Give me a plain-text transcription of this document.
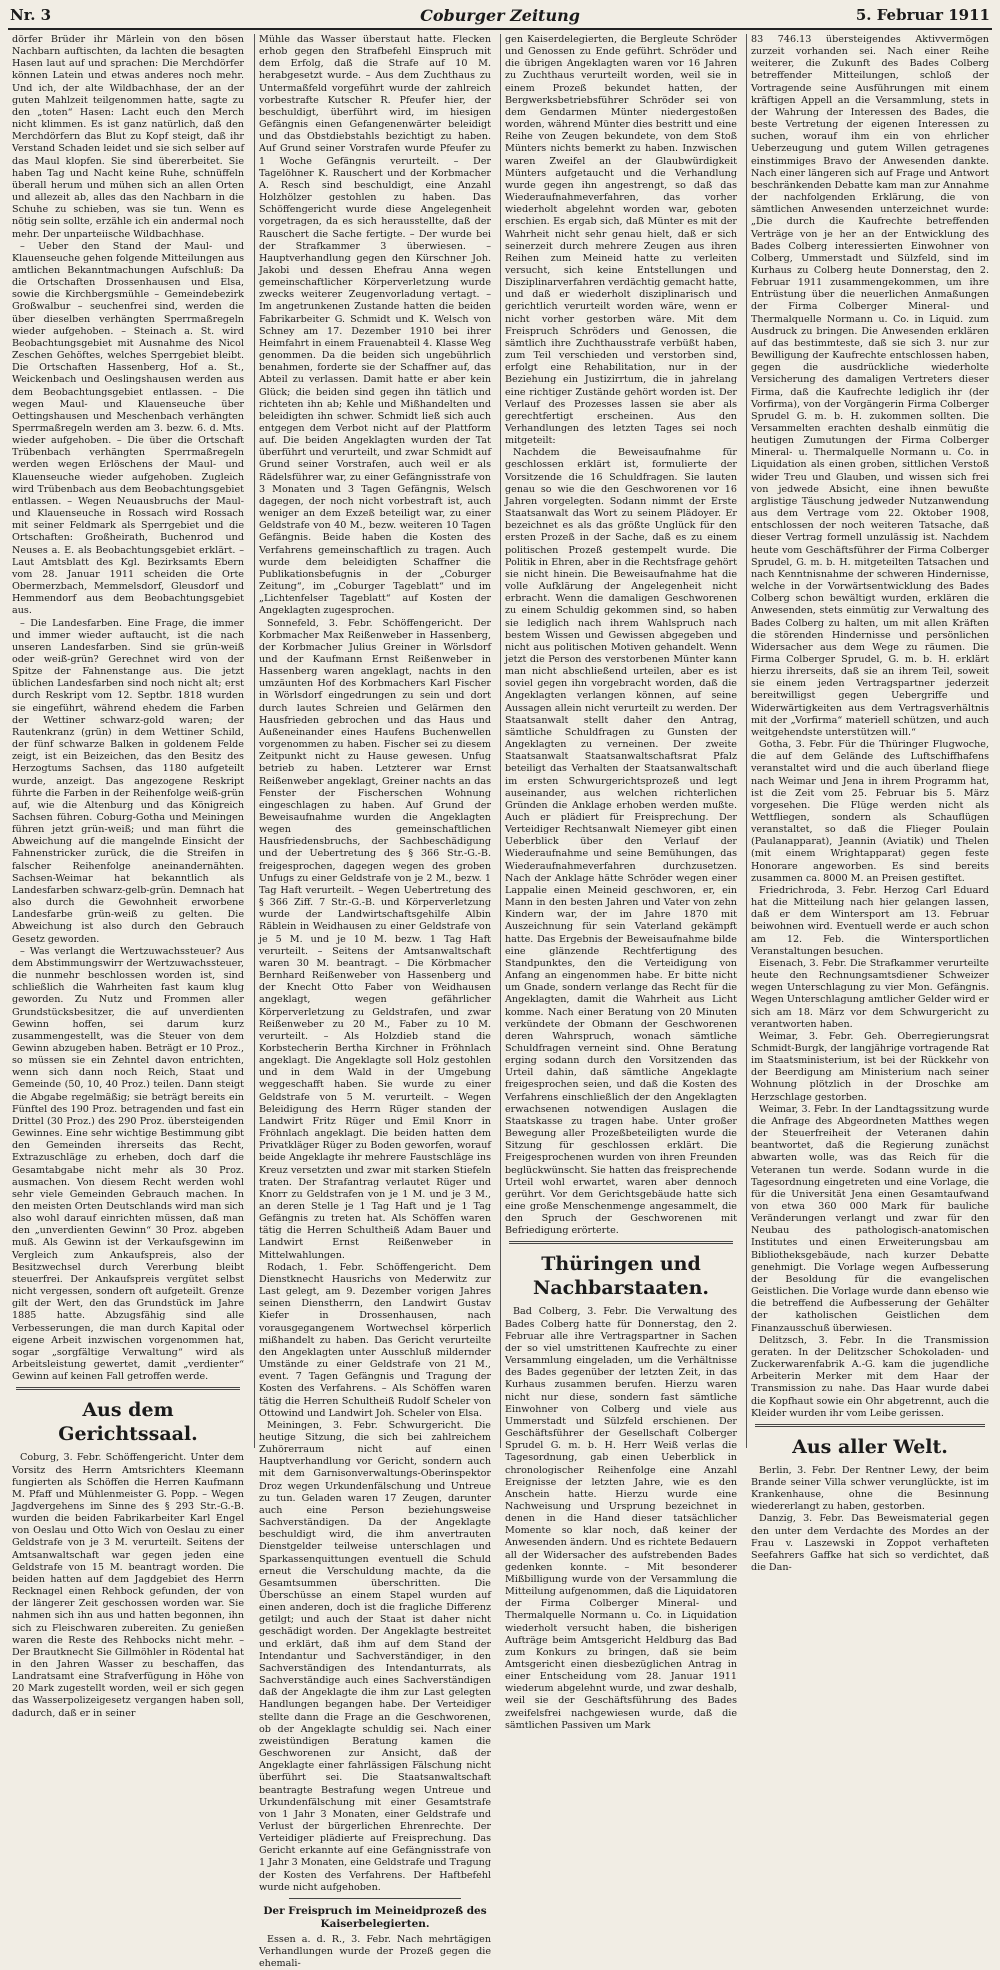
Nr. 3	Coburger Zeitung	5. Februar 1911

dörfer Brüder ihr Märlein von den bösen Nachbarn auftischten, da lachten die besagten Hasen laut auf und sprachen: Die Merchdörfer können Latein und etwas anderes noch mehr. Und ich, der alte Wildbachhase, der an der guten Mahlzeit teilgenommen hatte, sagte zu den „toten“ Hasen: Lacht euch den Merch nicht klimmen. Es ist ganz natürlich, daß den Merchdörfern das Blut zu Kopf steigt, daß ihr Verstand Schaden leidet und sie sich selber auf das Maul klopfen. Sie sind übererbeitet. Sie haben Tag und Nacht keine Ruhe, schnüffeln überall herum und mühen sich an allen Orten und allezeit ab, alles das den Nachbarn in die Schuhe zu schieben, was sie tun. Wenn es nötig sein sollte, erzähle ich ein andermal noch mehr. Der unparteiische Wildbachhase.

– Ueber den Stand der Maul- und Klauenseuche gehen folgende Mitteilungen aus amtlichen Bekanntmachungen Aufschluß: Da die Ortschaften Drossenhausen und Elsa, sowie die Kirchbergsmühle – Gemeindebezirk Großwalbur – seuchenfrei sind, werden die über dieselben verhängten Sperrmaßregeln wieder aufgehoben. – Steinach a. St. wird Beobachtungsgebiet mit Ausnahme des Nicol Zeschen Gehöftes, welches Sperrgebiet bleibt. Die Ortschaften Hassenberg, Hof a. St., Weickenbach und Oeslingshausen werden aus dem Beobachtungsgebiet entlassen. – Die wegen Maul- und Klauenseuche über Oettingshausen und Meschenbach verhängten Sperrmaßregeln werden am 3. bezw. 6. d. Mts. wieder aufgehoben. – Die über die Ortschaft Trübenbach verhängten Sperrmaßregeln werden wegen Erlöschens der Maul- und Klauenseuche wieder aufgehoben. Zugleich wird Trübenbach aus dem Beobachtungsgebiet entlassen. – Wegen Neuausbruchs der Maul- und Klauenseuche in Rossach wird Rossach mit seiner Feldmark als Sperrgebiet und die Ortschaften: Großheirath, Buchenrod und Neuses a. E. als Beobachtungsgebiet erklärt. – Laut Amtsblatt des Kgl. Bezirksamts Ebern vom 28. Januar 1911 scheiden die Orte Obermerzbach, Memmelsdorf, Gleusdorf und Hemmendorf aus dem Beobachtungsgebiet aus.

– Die Landesfarben. Eine Frage, die immer und immer wieder auftaucht, ist die nach unseren Landesfarben. Sind sie grün-weiß oder weiß-grün? Gerechnet wird von der Spitze der Fahnenstange aus. Die jetzt üblichen Landesfarben sind noch nicht alt; erst durch Reskript vom 12. Septbr. 1818 wurden sie eingeführt, während ehedem die Farben der Wettiner schwarz-gold waren; der Rautenkranz (grün) in dem Wettiner Schild, der fünf schwarze Balken in goldenem Felde zeigt, ist ein Beizeichen, das den Besitz des Herzogtums Sachsen, das 1180 aufgeteilt wurde, anzeigt. Das angezogene Reskript führte die Farben in der Reihenfolge weiß-grün auf, wie die Altenburg und das Königreich Sachsen führen. Coburg-Gotha und Meiningen führen jetzt grün-weiß; und man führt die Abweichung auf die mangelnde Einsicht der Fahnenstricker zurück, die die Streifen in falscher Reihenfolge aneinandernähten. Sachsen-Weimar hat bekanntlich als Landesfarben schwarz-gelb-grün. Demnach hat also durch die Gewohnheit erworbene Landesfarbe grün-weiß zu gelten. Die Abweichung ist also durch den Gebrauch Gesetz geworden.

– Was verlangt die Wertzuwachssteuer? Aus dem Abstimmungswirr der Wertzuwachssteuer, die nunmehr beschlossen worden ist, sind schließlich die Wahrheiten fast kaum klug geworden. Zu Nutz und Frommen aller Grundstücksbesitzer, die auf unverdienten Gewinn hoffen, sei darum kurz zusammengestellt, was die Steuer von dem Gewinn abzugeben haben. Beträgt er 10 Proz., so müssen sie ein Zehntel davon entrichten, wenn sich dann noch Reich, Staat und Gemeinde (50, 10, 40 Proz.) teilen. Dann steigt die Abgabe regelmäßig; sie beträgt bereits ein Fünftel des 190 Proz. betragenden und fast ein Drittel (30 Proz.) des 290 Proz. übersteigenden Gewinnes. Eine sehr wichtige Bestimmung gibt den Gemeinden ihrerseits das Recht, Extrazuschläge zu erheben, doch darf die Gesamtabgabe nicht mehr als 30 Proz. ausmachen. Von diesem Recht werden wohl sehr viele Gemeinden Gebrauch machen. In den meisten Orten Deutschlands wird man sich also wohl darauf einrichten müssen, daß man den „unverdienten Gewinn“ 30 Proz. abgeben muß. Als Gewinn ist der Verkaufsgewinn im Vergleich zum Ankaufspreis, also der Besitzwechsel durch Vererbung bleibt steuerfrei. Der Ankaufspreis vergütet selbst nicht vergessen, sondern oft aufgeteilt. Grenze gilt der Wert, den das Grundstück im Jahre 1885 hatte. Abzugsfähig sind alle Verbesserungen, die man durch Kapital oder eigene Arbeit inzwischen vorgenommen hat, sogar „sorgfältige Verwaltung“ wird als Arbeitsleistung gewertet, damit „verdienter“ Gewinn auf keinen Fall getroffen werde.

Aus dem Gerichtssaal.

Coburg, 3. Febr. Schöffengericht. Unter dem Vorsitz des Herrn Amtsrichters Kleemann fungierten als Schöffen die Herren Kaufmann M. Pfaff und Mühlenmeister G. Popp. – Wegen Jagdvergehens im Sinne des § 293 Str.-G.-B. wurden die beiden Fabrikarbeiter Karl Engel von Oeslau und Otto Wich von Oeslau zu einer Geldstrafe von je 3 M. verurteilt. Seitens der Amtsanwaltschaft war gegen jeden eine Geldstrafe von 15 M. beantragt worden. Die beiden hatten auf dem Jagdgebiet des Herrn Recknagel einen Rehbock gefunden, der von der längerer Zeit geschossen worden war. Sie nahmen sich ihn aus und hatten begonnen, ihn sich zu Fleischwaren zubereiten. Zu genießen waren die Reste des Rehbocks nicht mehr. – Der Brautknecht Sie Gillmöhler in Rödental hat in den Jahren Wasser zu beschaffen, das Landratsamt eine Strafverfügung in Höhe von 20 Mark zugestellt worden, weil er sich gegen das Wasserpolizeigesetz vergangen haben soll, dadurch, daß er in seiner

Mühle das Wasser überstaut hatte. Flecken erhob gegen den Strafbefehl Einspruch mit dem Erfolg, daß die Strafe auf 10 M. herabgesetzt wurde. – Aus dem Zuchthaus zu Untermaßfeld vorgeführt wurde der zahlreich vorbestrafte Kutscher R. Pfeufer hier, der beschuldigt, überführt wird, im hiesigen Gefängnis einen Gefangenenwärter beleidigt und das Obstdiebstahls bezichtigt zu haben. Auf Grund seiner Vorstrafen wurde Pfeufer zu 1 Woche Gefängnis verurteilt. – Der Tagelöhner K. Rauschert und der Korbmacher A. Resch sind beschuldigt, eine Anzahl Holzhölzer gestohlen zu haben. Das Schöffengericht wurde diese Angelegenheit vorgetragen, da es sich herausstellte, daß der Rauschert die Sache fertigte. – Der wurde bei der Strafkammer 3 überwiesen. – Hauptverhandlung gegen den Kürschner Joh. Jakobi und dessen Ehefrau Anna wegen gemeinschaftlicher Körperverletzung wurde zwecks weiterer Zeugenvorladung vertagt. – Im angetrunkenen Zustande hatten die beiden Fabrikarbeiter G. Schmidt und K. Welsch von Schney am 17. Dezember 1910 bei ihrer Heimfahrt in einem Frauenabteil 4. Klasse Weg genommen. Da die beiden sich ungebührlich benahmen, forderte sie der Schaffner auf, das Abteil zu verlassen. Damit hatte er aber kein Glück; die beiden sind gegen ihn tätlich und richteten ihn ab; Kehle und Mißhandelten und beleidigten ihn schwer. Schmidt ließ sich auch entgegen dem Verbot nicht auf der Plattform auf. Die beiden Angeklagten wurden der Tat überführt und verurteilt, und zwar Schmidt auf Grund seiner Vorstrafen, auch weil er als Rädelsführer war, zu einer Gefängnisstrafe von 3 Monaten und 3 Tagen Gefängnis, Welsch dagegen, der noch nicht vorbestraft ist, auch weniger an dem Exzeß beteiligt war, zu einer Geldstrafe von 40 M., bezw. weiteren 10 Tagen Gefängnis. Beide haben die Kosten des Verfahrens gemeinschaftlich zu tragen. Auch wurde dem beleidigten Schaffner die Publikationsbefugnis in der „Coburger Zeitung“, im „Coburger Tageblatt“ und im „Lichtenfelser Tageblatt“ auf Kosten der Angeklagten zugesprochen.

Sonnefeld, 3. Febr. Schöffengericht. Der Korbmacher Max Reißenweber in Hassenberg, der Korbmacher Julius Greiner in Wörlsdorf und der Kaufmann Ernst Reißenweber in Hassenberg waren angeklagt, nachts in den umzäunten Hof des Korbmachers Karl Fischer in Wörlsdorf eingedrungen zu sein und dort durch lautes Schreien und Gelärmen den Hausfrieden gebrochen und das Haus und Außeneinander eines Haufens Buchenwellen vorgenommen zu haben. Fischer sei zu diesem Zeitpunkt nicht zu Hause gewesen. Unfug betrieb zu haben. Letzterer war Ernst Reißenweber angeklagt, Greiner nachts an das Fenster der Fischerschen Wohnung eingeschlagen zu haben. Auf Grund der Beweisaufnahme wurden die Angeklagten wegen des gemeinschaftlichen Hausfriedensbruchs, der Sachbeschädigung und der Uebertretung des § 366 Str.-G.-B. freigesprochen, dagegen wegen des groben Unfugs zu einer Geldstrafe von je 2 M., bezw. 1 Tag Haft verurteilt. – Wegen Uebertretung des § 366 Ziff. 7 Str.-G.-B. und Körperverletzung wurde der Landwirtschaftsgehilfe Albin Räblein in Weidhausen zu einer Geldstrafe von je 5 M. und je 10 M. bezw. 1 Tag Haft verurteilt. – Seitens der Amtsanwaltschaft waren 30 M. beantragt. – Die Körbmacher Bernhard Reißenweber von Hassenberg und der Knecht Otto Faber von Weidhausen angeklagt, wegen gefährlicher Körperverletzung zu Geldstrafen, und zwar Reißenweber zu 20 M., Faber zu 10 M. verurteilt. – Als Holzdieb stand die Korbstecherin Bertha Kirchner in Fröhnlach angeklagt. Die Angeklagte soll Holz gestohlen und in dem Wald in der Umgebung weggeschafft haben. Sie wurde zu einer Geldstrafe von 5 M. verurteilt. – Wegen Beleidigung des Herrn Rüger standen der Landwirt Fritz Rüger und Emil Knorr in Fröhnlach angeklagt. Die beiden hatten dem Privatkläger Rüger zu Boden geworfen, worauf beide Angeklagte ihr mehrere Faustschläge ins Kreuz versetzten und zwar mit starken Stiefeln traten. Der Strafantrag verlautet Rüger und Knorr zu Geldstrafen von je 1 M. und je 3 M., an deren Stelle je 1 Tag Haft und je 1 Tag Gefängnis zu treten hat. Als Schöffen waren tätig die Herren Schultheiß Adam Bauer und Landwirt Ernst Reißenweber in Mittelwahlungen.

Rodach, 1. Febr. Schöffengericht. Dem Dienstknecht Hausrichs von Mederwitz zur Last gelegt, am 9. Dezember vorigen Jahres seinen Dienstherrn, den Landwirt Gustav Kiefer in Drossenhausen, nach vorausgegangenem Wortwechsel körperlich mißhandelt zu haben. Das Gericht verurteilte den Angeklagten unter Ausschluß mildernder Umstände zu einer Geldstrafe von 21 M., event. 7 Tagen Gefängnis und Tragung der Kosten des Verfahrens. – Als Schöffen waren tätig die Herren Schultheiß Rudolf Scheler von Ottowind und Landwirt Joh. Scheler von Elsa.

Meiningen, 3. Febr. Schwurgericht. Die heutige Sitzung, die sich bei zahlreichem Zuhörerraum nicht auf einen Hauptverhandlung vor Gericht, sondern auch mit dem Garnisonverwaltungs-Oberinspektor Droz wegen Urkundenfälschung und Untreue zu tun. Geladen waren 17 Zeugen, darunter auch eine Person beziehungsweise Sachverständigen. Da der Angeklagte beschuldigt wird, die ihm anvertrauten Dienstgelder teilweise unterschlagen und Sparkassenquittungen eventuell die Schuld erneut die Verschuldung machte, da die Gesamtsummen überschritten. Die Überschüsse an einem Stapel wurden auf einen anderen, doch ist die fragliche Differenz getilgt; und auch der Staat ist daher nicht geschädigt worden. Der Angeklagte bestreitet und erklärt, daß ihm auf dem Stand der Intendantur und Sachverständiger, in den Sachverständigen des Intendanturrats, als Sachverständige auch eines Sachverständigen daß der Angeklagte die ihm zur Last gelegten Handlungen begangen habe. Der Verteidiger stellte dann die Frage an die Geschworenen, ob der Angeklagte schuldig sei. Nach einer zweistündigen Beratung kamen die Geschworenen zur Ansicht, daß der Angeklagte einer fahrlässigen Fälschung nicht überführt sei. Die Staatsanwaltschaft beantragte Bestrafung wegen Untreue und Urkundenfälschung mit einer Gesamtstrafe von 1 Jahr 3 Monaten, einer Geldstrafe und Verlust der bürgerlichen Ehrenrechte. Der Verteidiger plädierte auf Freisprechung. Das Gericht erkannte auf eine Gefängnisstrafe von 1 Jahr 3 Monaten, eine Geldstrafe und Tragung der Kosten des Verfahrens. Der Haftbefehl wurde nicht aufgehoben.

Der Freispruch im Meineidprozeß des Kaiserbelegierten.

Essen a. d. R., 3. Febr. Nach mehrtägigen Verhandlungen wurde der Prozeß gegen die ehemali-

gen Kaiserdelegierten, die Bergleute Schröder und Genossen zu Ende geführt. Schröder und die übrigen Angeklagten waren vor 16 Jahren zu Zuchthaus verurteilt worden, weil sie in einem Prozeß bekundet hatten, der Bergwerksbetriebsführer Schröder sei von dem Gendarmen Münter niedergestoßen worden, während Münter dies bestritt und eine Reihe von Zeugen bekundete, von dem Stoß Münters nichts bemerkt zu haben. Inzwischen waren Zweifel an der Glaubwürdigkeit Münters aufgetaucht und die Verhandlung wurde gegen ihn angestrengt, so daß das Wiederaufnahmeverfahren, das vorher wiederholt abgelehnt worden war, geboten erschien. Es ergab sich, daß Münter es mit der Wahrheit nicht sehr genau hielt, daß er sich seinerzeit durch mehrere Zeugen aus ihren Reihen zum Meineid hatte zu verleiten versucht, sich keine Entstellungen und Disziplinarverfahren verdächtig gemacht hatte, und daß er wiederholt disziplinarisch und gerichtlich verurteilt worden wäre, wenn er nicht vorher gestorben wäre. Mit dem Freispruch Schröders und Genossen, die sämtlich ihre Zuchthausstrafe verbüßt haben, zum Teil verschieden und verstorben sind, erfolgt eine Rehabilitation, nur in der Beziehung ein Justizirrtum, die in jahrelang eine richtiger Zustände gehört worden ist. Der Verlauf des Prozesses lassen sie aber als gerechtfertigt erscheinen. Aus den Verhandlungen des letzten Tages sei noch mitgeteilt:

Nachdem die Beweisaufnahme für geschlossen erklärt ist, formulierte der Vorsitzende die 16 Schuldfragen. Sie lauten genau so wie die den Geschworenen vor 16 Jahren vorgelegten. Sodann nimmt der Erste Staatsanwalt das Wort zu seinem Plädoyer. Er bezeichnet es als das größte Unglück für den ersten Prozeß in der Sache, daß es zu einem politischen Prozeß gestempelt wurde. Die Politik in Ehren, aber in die Rechtsfrage gehört sie nicht hinein. Die Beweisaufnahme hat die volle Aufklärung der Angelegenheit nicht erbracht. Wenn die damaligen Geschworenen zu einem Schuldig gekommen sind, so haben sie lediglich nach ihrem Wahlspruch nach bestem Wissen und Gewissen abgegeben und nicht aus politischen Motiven gehandelt. Wenn jetzt die Person des verstorbenen Münter kann man nicht abschließend urteilen, aber es ist soviel gegen ihn vorgebracht worden, daß die Angeklagten verlangen können, auf seine Aussagen allein nicht verurteilt zu werden. Der Staatsanwalt stellt daher den Antrag, sämtliche Schuldfragen zu Gunsten der Angeklagten zu verneinen. Der zweite Staatsanwalt Staatsanwaltschaftsrat Pfalz beteiligt das Verhalten der Staatsanwaltschaft im ersten Schwurgerichtsprozeß und legt auseinander, aus welchen richterlichen Gründen die Anklage erhoben werden mußte. Auch er plädiert für Freisprechung. Der Verteidiger Rechtsanwalt Niemeyer gibt einen Ueberblick über den Verlauf der Wiederaufnahme und seine Bemühungen, das Wiederaufnahmeverfahren durchzusetzen. Nach der Anklage hätte Schröder wegen einer Lappalie einen Meineid geschworen, er, ein Mann in den besten Jahren und Vater von zehn Kindern war, der im Jahre 1870 mit Auszeichnung für sein Vaterland gekämpft hatte. Das Ergebnis der Beweisaufnahme bilde eine glänzende Rechtfertigung des Standpunktes, den die Verteidigung von Anfang an eingenommen habe. Er bitte nicht um Gnade, sondern verlange das Recht für die Angeklagten, damit die Wahrheit aus Licht komme. Nach einer Beratung von 20 Minuten verkündete der Obmann der Geschworenen deren Wahrspruch, wonach sämtliche Schuldfragen verneint sind. Ohne Beratung erging sodann durch den Vorsitzenden das Urteil dahin, daß sämtliche Angeklagte freigesprochen seien, und daß die Kosten des Verfahrens einschließlich der den Angeklagten erwachsenen notwendigen Auslagen die Staatskasse zu tragen habe. Unter großer Bewegung aller Prozeßbeteiligten wurde die Sitzung für geschlossen erklärt. Die Freigesprochenen wurden von ihren Freunden beglückwünscht. Sie hatten das freisprechende Urteil wohl erwartet, waren aber dennoch gerührt. Vor dem Gerichtsgebäude hatte sich eine große Menschenmenge angesammelt, die den Spruch der Geschworenen mit Befriedigung erörterte.

Thüringen und Nachbarstaaten.

Bad Colberg, 3. Febr. Die Verwaltung des Bades Colberg hatte für Donnerstag, den 2. Februar alle ihre Vertragspartner in Sachen der so viel umstrittenen Kaufrechte zu einer Versammlung eingeladen, um die Verhältnisse des Bades gegenüber der letzten Zeit, in das Kurhaus zusammen berufen. Hierzu waren nicht nur diese, sondern fast sämtliche Einwohner von Colberg und viele aus Ummerstadt und Sülzfeld erschienen. Der Geschäftsführer der Gesellschaft Colberger Sprudel G. m. b. H. Herr Weiß verlas die Tagesordnung, gab einen Ueberblick in chronologischer Reihenfolge eine Anzahl Ereignisse der letzten Jahre, wie es den Anschein hatte. Hierzu wurde eine Nachweisung und Ursprung bezeichnet in denen in die Hand dieser tatsächlicher Momente so klar noch, daß keiner der Anwesenden ändern. Und es richtete Bedauern all der Widersacher des aufstrebenden Bades gedenken konnte. – Mit besonderer Mißbilligung wurde von der Versammlung die Mitteilung aufgenommen, daß die Liquidatoren der Firma Colberger Mineral- und Thermalquelle Normann u. Co. in Liquidation wiederholt versucht haben, die bisherigen Aufträge beim Amtsgericht Heldburg das Bad zum Konkurs zu bringen, daß sie beim Amtsgericht einen diesbezüglichen Antrag in einer Entscheidung vom 28. Januar 1911 wiederum abgelehnt wurde, und zwar deshalb, weil sie der Geschäftsführung des Bades zweifelsfrei nachgewiesen wurde, daß die sämtlichen Passiven um Mark

83 746.13 übersteigendes Aktivvermögen zurzeit vorhanden sei. Nach einer Reihe weiterer, die Zukunft des Bades Colberg betreffender Mitteilungen, schloß der Vortragende seine Ausführungen mit einem kräftigen Appell an die Versammlung, stets in der Wahrung der Interessen des Bades, die beste Vertretung der eigenen Interessen zu suchen, worauf ihm ein von ehrlicher Ueberzeugung und gutem Willen getragenes einstimmiges Bravo der Anwesenden dankte. Nach einer längeren sich auf Frage und Antwort beschränkenden Debatte kam man zur Annahme der nachfolgenden Erklärung, die von sämtlichen Anwesenden unterzeichnet wurde: „Die durch die Kaufrechte betreffenden Verträge von je her an der Entwicklung des Bades Colberg interessierten Einwohner von Colberg, Ummerstadt und Sülzfeld, sind im Kurhaus zu Colberg heute Donnerstag, den 2. Februar 1911 zusammengekommen, um ihre Entrüstung über die neuerlichen Anmaßungen der Firma Colberger Mineral- und Thermalquelle Normann u. Co. in Liquid. zum Ausdruck zu bringen. Die Anwesenden erklären auf das bestimmteste, daß sie sich 3. nur zur Bewilligung der Kaufrechte entschlossen haben, gegen die ausdrückliche wiederholte Versicherung des damaligen Vertreters dieser Firma, daß die Kaufrechte lediglich ihr (der Vorfirma), von der Vorgängerin Firma Colberger Sprudel G. m. b. H. zukommen sollten. Die Versammelten erachten deshalb einmütig die heutigen Zumutungen der Firma Colberger Mineral- u. Thermalquelle Normann u. Co. in Liquidation als einen groben, sittlichen Verstoß wider Treu und Glauben, und wissen sich frei von jedwede Absicht, eine ihnen bewußte arglistige Täuschung jedweder Nutzanwendung aus dem Vertrage vom 22. Oktober 1908, entschlossen der noch weiteren Tatsache, daß dieser Vertrag formell unzulässig ist. Nachdem heute vom Geschäftsführer der Firma Colberger Sprudel, G. m. b. H. mitgeteilten Tatsachen und nach Kenntnisnahme der schweren Hindernisse, welche in der Vorwärtsentwicklung des Bades Colberg schon bewältigt wurden, erklären die Anwesenden, stets einmütig zur Verwaltung des Bades Colberg zu halten, um mit allen Kräften die störenden Hindernisse und persönlichen Widersacher aus dem Wege zu räumen. Die Firma Colberger Sprudel, G. m. b. H. erklärt hierzu ihrerseits, daß sie an ihrem Teil, soweit sie einem jeden Vertragspartner jederzeit bereitwilligst gegen Uebergriffe und Widerwärtigkeiten aus dem Vertragsverhältnis mit der „Vorfirma“ materiell schützen, und auch weitgehendste unterstützen will.“

Gotha, 3. Febr. Für die Thüringer Flugwoche, die auf dem Gelände des Luftschiffhafens veranstaltet wird und die auch überland fliege nach Weimar und Jena in ihrem Programm hat, ist die Zeit vom 25. Februar bis 5. März vorgesehen. Die Flüge werden nicht als Wettfliegen, sondern als Schauflügen veranstaltet, so daß die Flieger Poulain (Paulanapparat), Jeannin (Aviatik) und Thelen (mit einem Wrightapparat) gegen feste Honorare angeworben. Es sind bereits zusammen ca. 8000 M. an Preisen gestiftet.

Friedrichroda, 3. Febr. Herzog Carl Eduard hat die Mitteilung nach hier gelangen lassen, daß er dem Wintersport am 13. Februar beiwohnen wird. Eventuell werde er auch schon am 12. Feb. die Wintersportlichen Veranstaltungen besuchen.

Eisenach, 3. Febr. Die Strafkammer verurteilte heute den Rechnungsamtsdiener Schweizer wegen Unterschlagung zu vier Mon. Gefängnis. Wegen Unterschlagung amtlicher Gelder wird er sich am 18. März vor dem Schwurgericht zu verantworten haben.

Weimar, 3. Febr. Geh. Oberregierungsrat Schmidt-Burgk, der langjährige vortragende Rat im Staatsministerium, ist bei der Rückkehr von der Beerdigung am Ministerium nach seiner Wohnung plötzlich in der Droschke am Herzschlage gestorben.

Weimar, 3. Febr. In der Landtagssitzung wurde die Anfrage des Abgeordneten Matthes wegen der Steuerfreiheit der Veteranen dahin beantwortet, daß die Regierung zunächst abwarten wolle, was das Reich für die Veteranen tun werde. Sodann wurde in die Tagesordnung eingetreten und eine Vorlage, die für die Universität Jena einen Gesamtaufwand von etwa 360 000 Mark für bauliche Veränderungen verlangt und zwar für den Neubau des pathologisch-anatomischen Institutes und einen Erweiterungsbau am Bibliotheksgebäude, nach kurzer Debatte genehmigt. Die Vorlage wegen Aufbesserung der Besoldung für die evangelischen Geistlichen. Die Vorlage wurde dann ebenso wie die betreffend die Aufbesserung der Gehälter der katholischen Geistlichen dem Finanzausschuß überwiesen.

Delitzsch, 3. Febr. In die Transmission geraten. In der Delitzscher Schokoladen- und Zuckerwarenfabrik A.-G. kam die jugendliche Arbeiterin Merker mit dem Haar der Transmission zu nahe. Das Haar wurde dabei die Kopfhaut sowie ein Ohr abgetrennt, auch die Kleider wurden ihr vom Leibe gerissen.

Aus aller Welt.

Berlin, 3. Febr. Der Rentner Lewy, der beim Brande seiner Villa schwer verunglückte, ist im Krankenhause, ohne die Besinnung wiedererlangt zu haben, gestorben.

Danzig, 3. Febr. Das Beweismaterial gegen den unter dem Verdachte des Mordes an der Frau v. Laszewski in Zoppot verhafteten Seefahrers Gaffke hat sich so verdichtet, daß die Dan-
